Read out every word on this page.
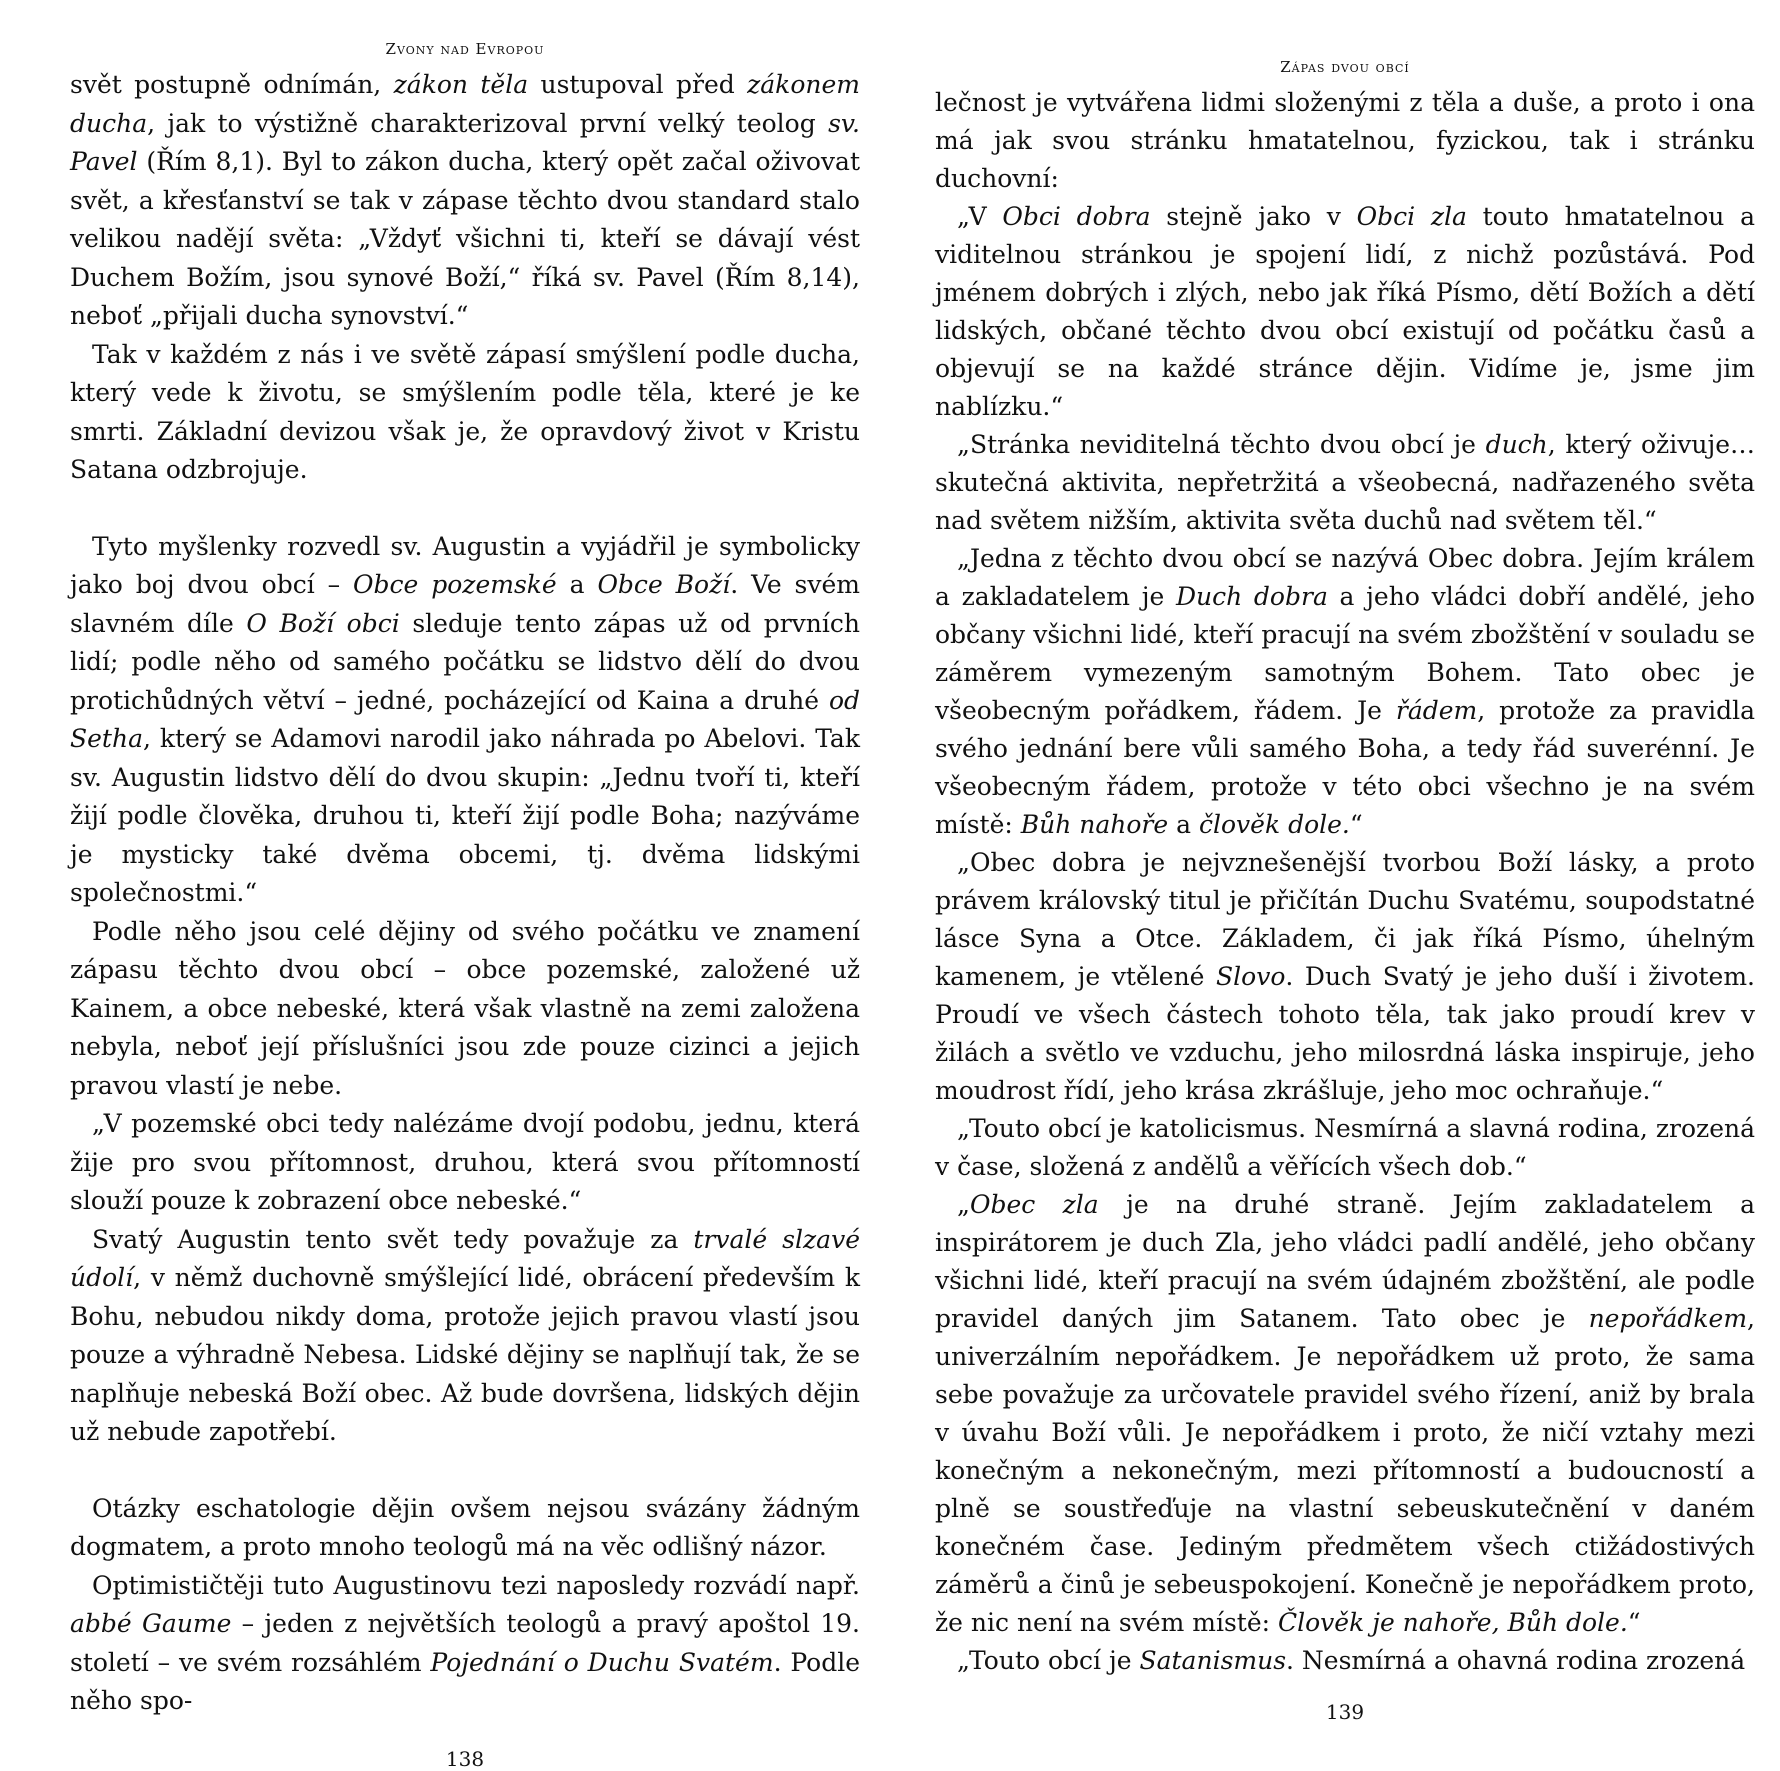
Zvony nad Evropou

svět postupně odnímán, zákon těla ustupoval před zákonem ducha, jak to výstižně charakterizoval první velký teolog sv. Pavel (Řím 8,1). Byl to zákon ducha, který opět začal oživovat svět, a křesťanství se tak v zápase těchto dvou standard stalo velikou nadějí světa: „Vždyť všichni ti, kteří se dávají vést Duchem Božím, jsou synové Boží,“ říká sv. Pavel (Řím 8,14), neboť „přijali ducha synovství.“

Tak v každém z nás i ve světě zápasí smýšlení podle ducha, který vede k životu, se smýšlením podle těla, které je ke smrti. Základní devizou však je, že opravdový život v Kristu Satana odzbrojuje.

Tyto myšlenky rozvedl sv. Augustin a vyjádřil je symbolicky jako boj dvou obcí – Obce pozemské a Obce Boží. Ve svém slavném díle O Boží obci sleduje tento zápas už od prvních lidí; podle něho od samého počátku se lidstvo dělí do dvou protichůdných větví – jedné, pocházející od Kaina a druhé od Setha, který se Adamovi narodil jako náhrada po Abelovi. Tak sv. Augustin lidstvo dělí do dvou skupin: „Jednu tvoří ti, kteří žijí podle člověka, druhou ti, kteří žijí podle Boha; nazýváme je mysticky také dvěma obcemi, tj. dvěma lidskými společnostmi.“

Podle něho jsou celé dějiny od svého počátku ve znamení zápasu těchto dvou obcí – obce pozemské, založené už Kainem, a obce nebeské, která však vlastně na zemi založena nebyla, neboť její příslušníci jsou zde pouze cizinci a jejich pravou vlastí je nebe.

„V pozemské obci tedy nalézáme dvojí podobu, jednu, která žije pro svou přítomnost, druhou, která svou přítomností slouží pouze k zobrazení obce nebeské.“

Svatý Augustin tento svět tedy považuje za trvalé slzavé údolí, v němž duchovně smýšlející lidé, obrácení především k Bohu, nebudou nikdy doma, protože jejich pravou vlastí jsou pouze a výhradně Nebesa. Lidské dějiny se naplňují tak, že se naplňuje nebeská Boží obec. Až bude dovršena, lidských dějin už nebude zapotřebí.

Otázky eschatologie dějin ovšem nejsou svázány žádným dogmatem, a proto mnoho teologů má na věc odlišný názor.

Optimističtěji tuto Augustinovu tezi naposledy rozvádí např. abbé Gaume – jeden z největších teologů a pravý apoštol 19. století – ve svém rozsáhlém Pojednání o Duchu Svatém. Podle něho spo-

138
Zápas dvou obcí

lečnost je vytvářena lidmi složenými z těla a duše, a proto i ona má jak svou stránku hmatatelnou, fyzickou, tak i stránku duchovní:

„V Obci dobra stejně jako v Obci zla touto hmatatelnou a viditelnou stránkou je spojení lidí, z nichž pozůstává. Pod jménem dobrých i zlých, nebo jak říká Písmo, dětí Božích a dětí lidských, občané těchto dvou obcí existují od počátku časů a objevují se na každé stránce dějin. Vidíme je, jsme jim nablízku.“

„Stránka neviditelná těchto dvou obcí je duch, který oživuje… skutečná aktivita, nepřetržitá a všeobecná, nadřazeného světa nad světem nižším, aktivita světa duchů nad světem těl.“

„Jedna z těchto dvou obcí se nazývá Obec dobra. Jejím králem a zakladatelem je Duch dobra a jeho vládci dobří andělé, jeho občany všichni lidé, kteří pracují na svém zbožštění v souladu se záměrem vymezeným samotným Bohem. Tato obec je všeobecným pořádkem, řádem. Je řádem, protože za pravidla svého jednání bere vůli samého Boha, a tedy řád suverénní. Je všeobecným řádem, protože v této obci všechno je na svém místě: Bůh nahoře a člověk dole.“

„Obec dobra je nejvznešenější tvorbou Boží lásky, a proto právem královský titul je přičítán Duchu Svatému, soupodstatné lásce Syna a Otce. Základem, či jak říká Písmo, úhelným kamenem, je vtělené Slovo. Duch Svatý je jeho duší i životem. Proudí ve všech částech tohoto těla, tak jako proudí krev v žilách a světlo ve vzduchu, jeho milosrdná láska inspiruje, jeho moudrost řídí, jeho krása zkrášluje, jeho moc ochraňuje.“

„Touto obcí je katolicismus. Nesmírná a slavná rodina, zrozená v čase, složená z andělů a věřících všech dob.“

„Obec zla je na druhé straně. Jejím zakladatelem a inspirátorem je duch Zla, jeho vládci padlí andělé, jeho občany všichni lidé, kteří pracují na svém údajném zbožštění, ale podle pravidel daných jim Satanem. Tato obec je nepořádkem, univerzálním nepořádkem. Je nepořádkem už proto, že sama sebe považuje za určovatele pravidel svého řízení, aniž by brala v úvahu Boží vůli. Je nepořádkem i proto, že ničí vztahy mezi konečným a nekonečným, mezi přítomností a budoucností a plně se soustřeďuje na vlastní sebeuskutečnění v daném konečném čase. Jediným předmětem všech ctižádostivých záměrů a činů je sebeuspokojení. Konečně je nepořádkem proto, že nic není na svém místě: Člověk je nahoře, Bůh dole.“

„Touto obcí je Satanismus. Nesmírná a ohavná rodina zrozená

139
